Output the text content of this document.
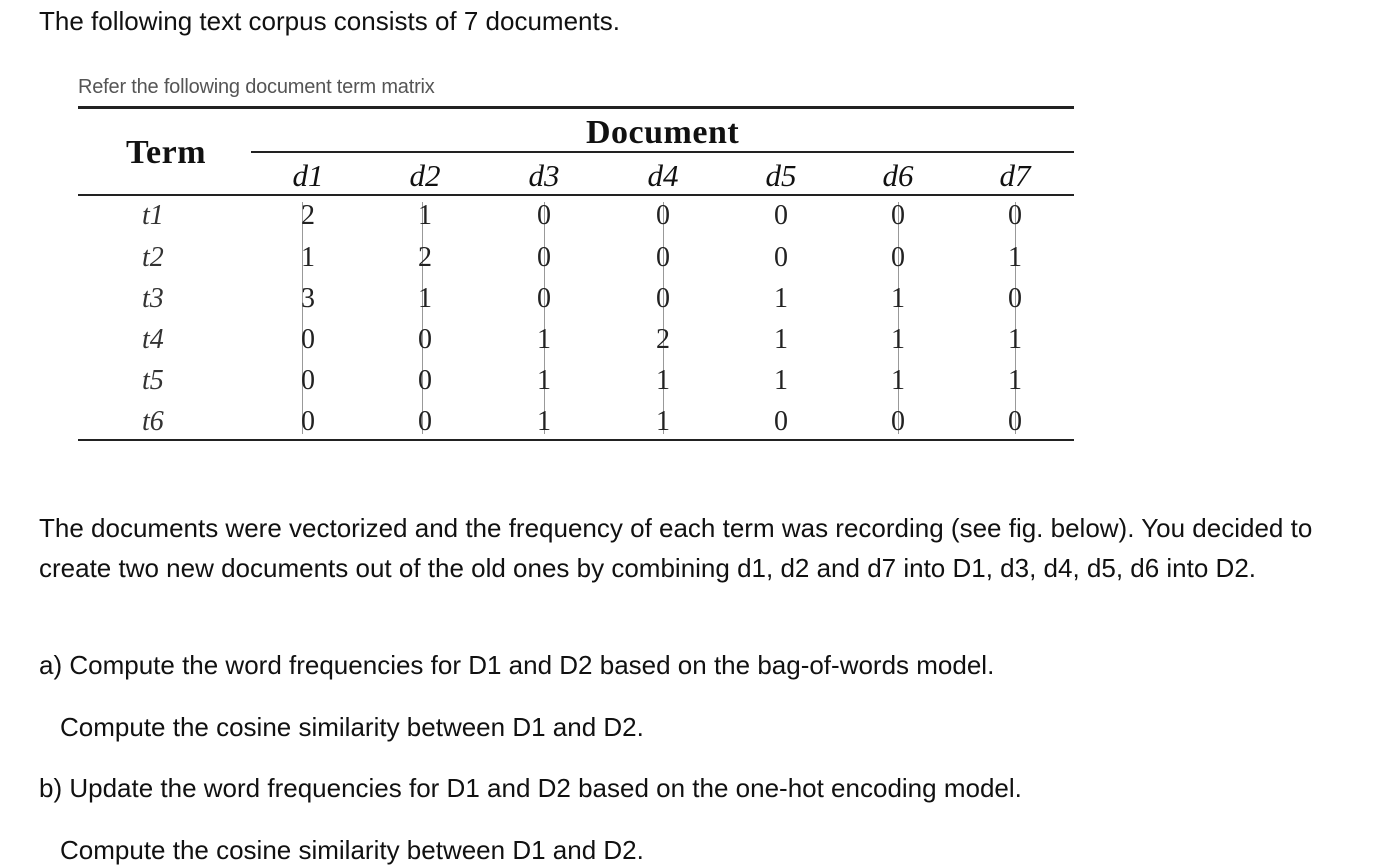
The following text corpus consists of 7 documents.
Refer the following document term matrix
Term
Document
d1	d2	d3	d4	d5	d6	d7
t1	2	1	0	0	0	0	0
t2	1	2	0	0	0	0	1
t3	3	1	0	0	1	1	0
t4	0	0	1	2	1	1	1
t5	0	0	1	1	1	1	1
t6	0	0	1	1	0	0	0

The documents were vectorized and the frequency of each term was recording (see fig. below). You decided to create two new documents out of the old ones by combining d1, d2 and d7 into D1, d3, d4, d5, d6 into D2.

a) Compute the word frequencies for D1 and D2 based on the bag-of-words model.
Compute the cosine similarity between D1 and D2.
b) Update the word frequencies for D1 and D2 based on the one-hot encoding model.
Compute the cosine similarity between D1 and D2.
